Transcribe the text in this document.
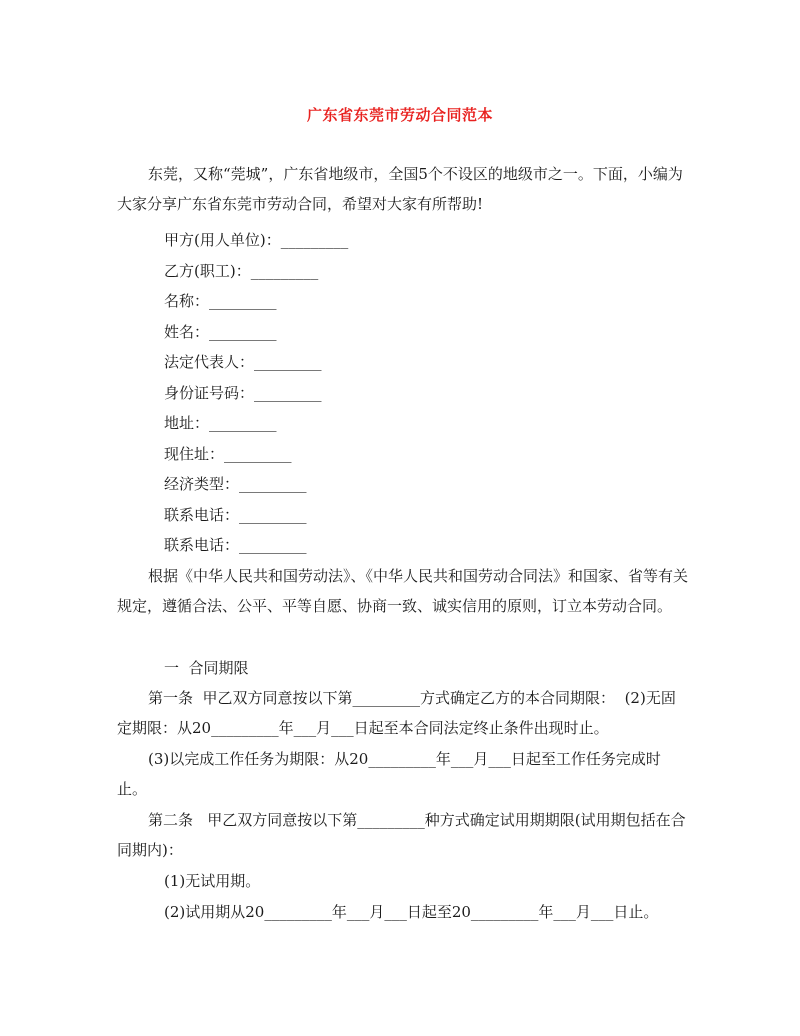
广东省东莞市劳动合同范本

东莞，又称“莞城”，广东省地级市，全国5个不设区的地级市之一。下面，小编为大家分享广东省东莞市劳动合同，希望对大家有所帮助!

甲方(用人单位)：_________

乙方(职工)：_________

名称：_________

姓名：_________

法定代表人：_________

身份证号码：_________

地址：_________

现住址：_________

经济类型：_________

联系电话：_________

联系电话：_________

根据《中华人民共和国劳动法》、《中华人民共和国劳动合同法》和国家、省等有关规定，遵循合法、公平、平等自愿、协商一致、诚实信用的原则，订立本劳动合同。

一  合同期限

第一条  甲乙双方同意按以下第_________方式确定乙方的本合同期限：  (2)无固定期限：从20_________年___月___日起至本合同法定终止条件出现时止。

(3)以完成工作任务为期限：从20_________年___月___日起至工作任务完成时止。

第二条   甲乙双方同意按以下第_________种方式确定试用期期限(试用期包括在合同期内)：

(1)无试用期。

(2)试用期从20_________年___月___日起至20_________年___月___日止。
